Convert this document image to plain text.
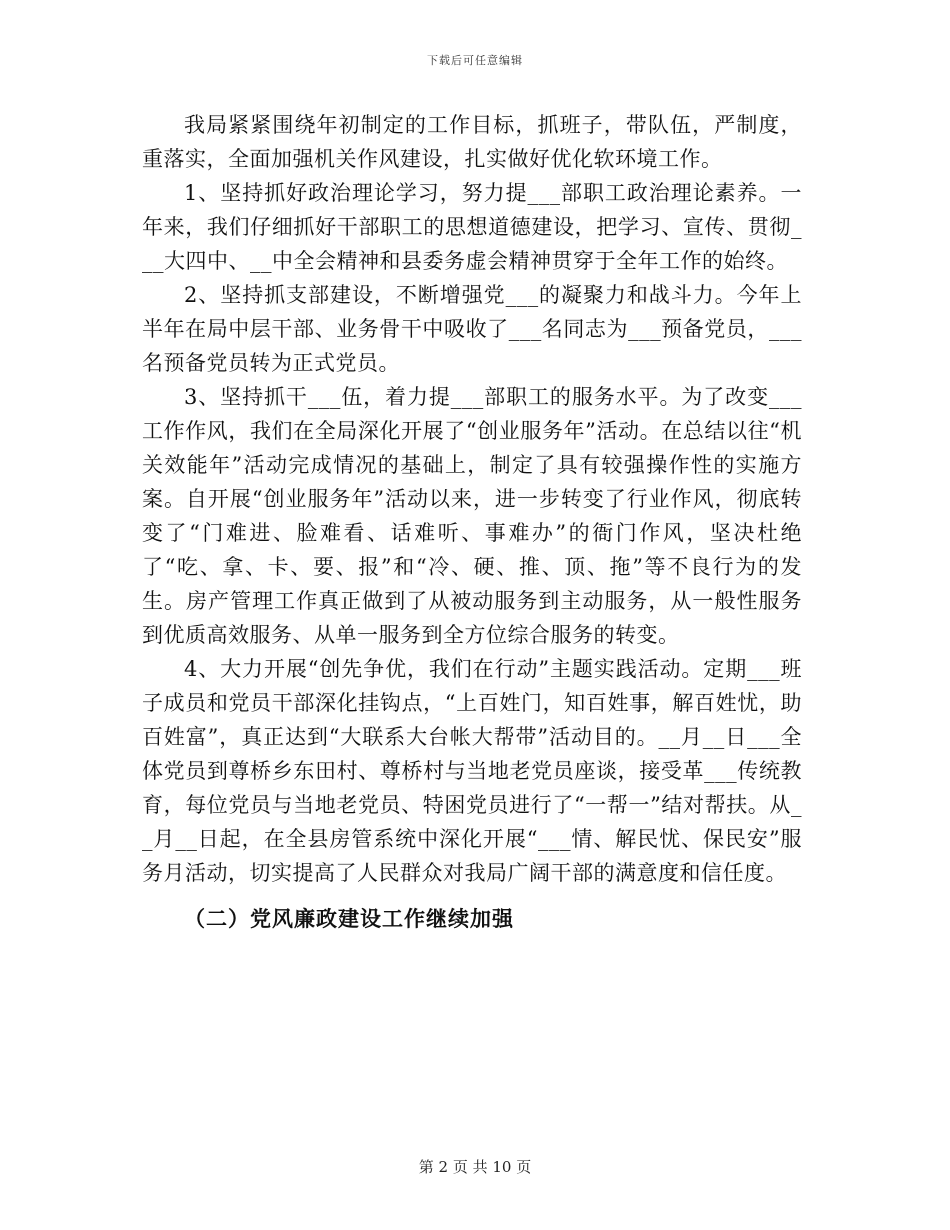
下载后可任意编辑

我局紧紧围绕年初制定的工作目标，抓班子，带队伍，严制度，重落实，全面加强机关作风建设，扎实做好优化软环境工作。

1、坚持抓好政治理论学习，努力提___部职工政治理论素养。一年来，我们仔细抓好干部职工的思想道德建设，把学习、宣传、贯彻___大四中、__中全会精神和县委务虚会精神贯穿于全年工作的始终。

2、坚持抓支部建设，不断增强党___的凝聚力和战斗力。今年上半年在局中层干部、业务骨干中吸收了___名同志为___预备党员，___名预备党员转为正式党员。

3、坚持抓干___伍，着力提___部职工的服务水平。为了改变___工作作风，我们在全局深化开展了“创业服务年”活动。在总结以往“机关效能年”活动完成情况的基础上，制定了具有较强操作性的实施方案。自开展“创业服务年”活动以来，进一步转变了行业作风，彻底转变了“门难进、脸难看、话难听、事难办”的衙门作风，坚决杜绝了“吃、拿、卡、要、报”和“冷、硬、推、顶、拖”等不良行为的发生。房产管理工作真正做到了从被动服务到主动服务，从一般性服务到优质高效服务、从单一服务到全方位综合服务的转变。

4、大力开展“创先争优，我们在行动”主题实践活动。定期___班子成员和党员干部深化挂钩点，“上百姓门，知百姓事，解百姓忧，助百姓富”，真正达到“大联系大台帐大帮带”活动目的。__月__日___全体党员到尊桥乡东田村、尊桥村与当地老党员座谈，接受革___传统教育，每位党员与当地老党员、特困党员进行了“一帮一”结对帮扶。从__月__日起，在全县房管系统中深化开展“___情、解民忧、保民安”服务月活动，切实提高了人民群众对我局广阔干部的满意度和信任度。

（二）党风廉政建设工作继续加强

第 2 页 共 10 页
